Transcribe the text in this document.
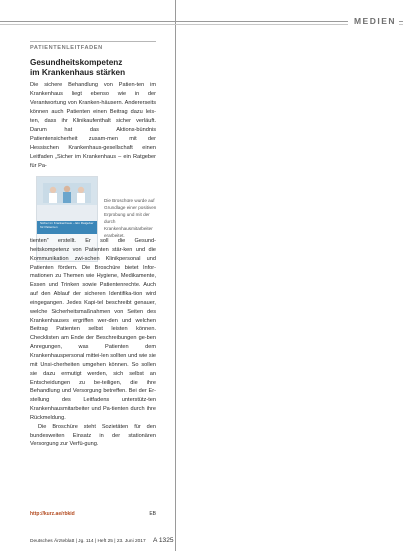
MEDIEN
PATIENTENLEITFADEN
Gesundheitskompetenz
im Krankenhaus stärken
Die sichere Behandlung von Patien-ten im Krankenhaus liegt ebenso wie in der Verantwortung von Kranken-häusern. Andererseits können auch Patienten einen Beitrag dazu leis-ten, dass ihr Klinikaufenthalt sicher verläuft. Darum hat das Aktions-bündnis Patientensicherheit zusam-men mit der Hessischen Krankenhaus-gesellschaft einen Leitfaden „Sicher im Krankenhaus – ein Ratgeber für Pa-
Sicher im Krankenhaus – Ein Ratgeber für Patienten
Die Broschüre wurde auf Grundlage einer positiven Erprobung und mit der durch Krankenhausmitarbeiter erarbeitet.
tienten“ erstellt. Er soll die Gesund-heitskompetenz von Patienten stär-ken und die Kommunikation zwi-schen Klinikpersonal und Patienten fördern. Die Broschüre bietet Infor-mationen zu Themen wie Hygiene, Medikamente, Essen und Trinken sowie Patientenrechte. Auch auf den Ablauf der sicheren Identifika-tion wird eingegangen. Jedes Kapi-tel beschreibt genauer, welche Sicherheitsmaßnahmen von Seiten des Krankenhauses ergriffen wer-den und welchen Beitrag Patienten selbst leisten können. Checklisten am Ende der Beschreibungen ge-ben Anregungen, was Patienten dem Krankenhauspersonal mittei-len sollten und wie sie mit Unsi-cherheiten umgehen können. So sollen sie dazu ermutigt werden, sich selbst an Entscheidungen zu be-teiligen, die ihre Behandlung und Versorgung betreffen. Bei der Er-stellung des Leitfadens unterstütz-ten Krankenhausmitarbeiter und Pa-tienten durch ihre Rückmeldung.
Die Broschüre steht Sozietäten für den bundesweiten Einsatz in der stationären Versorgung zur Verfü-gung.
http://kurz.ae/rbkid	EB
Deutsches Ärzteblatt | Jg. 114 | Heft 25 | 23. Juni 2017	A 1325
